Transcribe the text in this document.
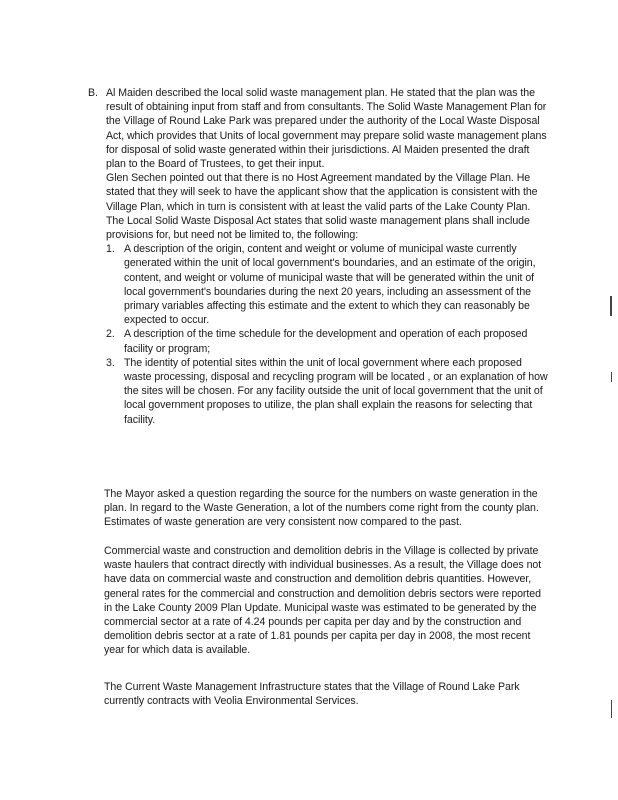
B. Al Maiden described the local solid waste management plan. He stated that the plan was the result of obtaining input from staff and from consultants. The Solid Waste Management Plan for the Village of Round Lake Park was prepared under the authority of the Local Waste Disposal Act, which provides that Units of local government may prepare solid waste management plans for disposal of solid waste generated within their jurisdictions. Al Maiden presented the draft plan to the Board of Trustees, to get their input.

Glen Sechen pointed out that there is no Host Agreement mandated by the Village Plan. He stated that they will seek to have the applicant show that the application is consistent with the Village Plan, which in turn is consistent with at least the valid parts of the Lake County Plan.

The Local Solid Waste Disposal Act states that solid waste management plans shall include provisions for, but need not be limited to, the following:

1. A description of the origin, content and weight or volume of municipal waste currently generated within the unit of local government's boundaries, and an estimate of the origin, content, and weight or volume of municipal waste that will be generated within the unit of local government's boundaries during the next 20 years, including an assessment of the primary variables affecting this estimate and the extent to which they can reasonably be expected to occur.
2. A description of the time schedule for the development and operation of each proposed facility or program;
3. The identity of potential sites within the unit of local government where each proposed waste processing, disposal and recycling program will be located , or an explanation of how the sites will be chosen. For any facility outside the unit of local government that the unit of local government proposes to utilize, the plan shall explain the reasons for selecting that facility.

The Mayor asked a question regarding the source for the numbers on waste generation in the plan. In regard to the Waste Generation, a lot of the numbers come right from the county plan. Estimates of waste generation are very consistent now compared to the past.

Commercial waste and construction and demolition debris in the Village is collected by private waste haulers that contract directly with individual businesses. As a result, the Village does not have data on commercial waste and construction and demolition debris quantities. However, general rates for the commercial and construction and demolition debris sectors were reported in the Lake County 2009 Plan Update. Municipal waste was estimated to be generated by the commercial sector at a rate of 4.24 pounds per capita per day and by the construction and demolition debris sector at a rate of 1.81 pounds per capita per day in 2008, the most recent year for which data is available.

The Current Waste Management Infrastructure states that the Village of Round Lake Park currently contracts with Veolia Environmental Services.
